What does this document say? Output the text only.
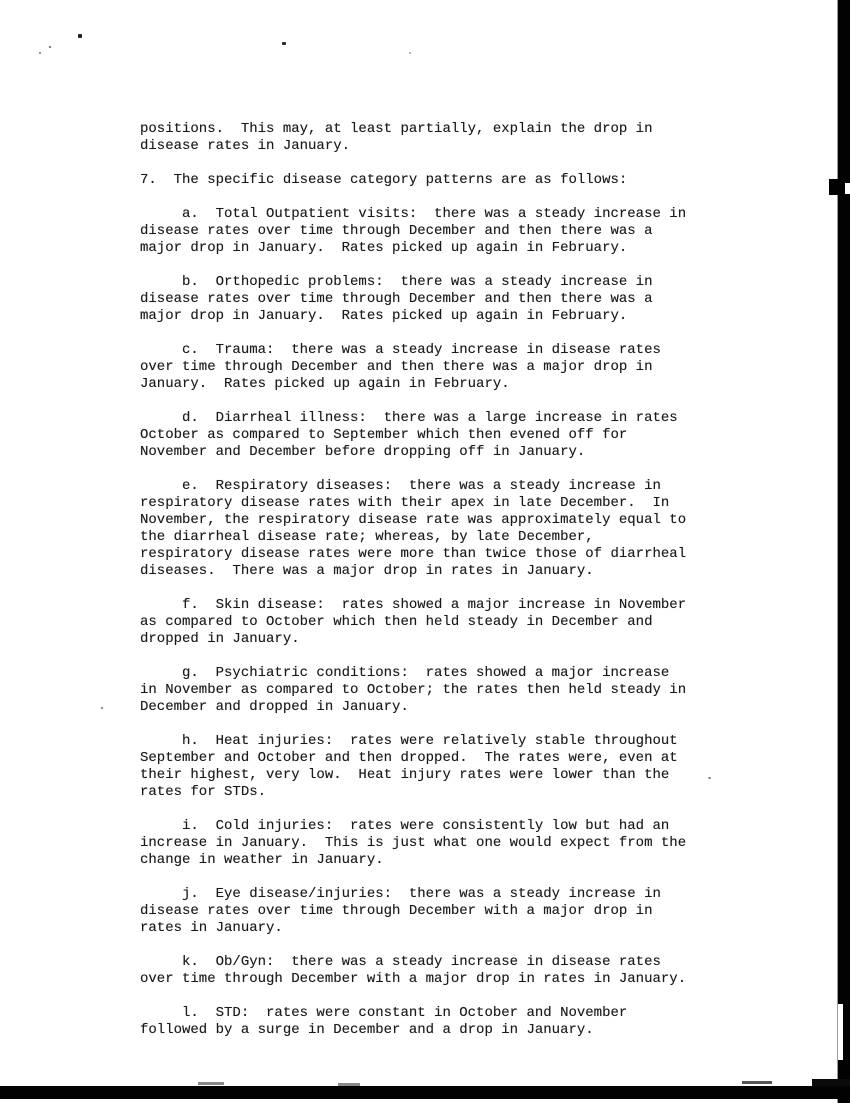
positions.  This may, at least partially, explain the drop in
disease rates in January.
7.  The specific disease category patterns are as follows:
a.  Total Outpatient visits:  there was a steady increase in
disease rates over time through December and then there was a
major drop in January.  Rates picked up again in February.
b.  Orthopedic problems:  there was a steady increase in
disease rates over time through December and then there was a
major drop in January.  Rates picked up again in February.
c.  Trauma:  there was a steady increase in disease rates
over time through December and then there was a major drop in
January.  Rates picked up again in February.
d.  Diarrheal illness:  there was a large increase in rates
October as compared to September which then evened off for
November and December before dropping off in January.
e.  Respiratory diseases:  there was a steady increase in
respiratory disease rates with their apex in late December.  In
November, the respiratory disease rate was approximately equal to
the diarrheal disease rate; whereas, by late December,
respiratory disease rates were more than twice those of diarrheal
diseases.  There was a major drop in rates in January.
f.  Skin disease:  rates showed a major increase in November
as compared to October which then held steady in December and
dropped in January.
g.  Psychiatric conditions:  rates showed a major increase
in November as compared to October; the rates then held steady in
December and dropped in January.
h.  Heat injuries:  rates were relatively stable throughout
September and October and then dropped.  The rates were, even at
their highest, very low.  Heat injury rates were lower than the
rates for STDs.
i.  Cold injuries:  rates were consistently low but had an
increase in January.  This is just what one would expect from the
change in weather in January.
j.  Eye disease/injuries:  there was a steady increase in
disease rates over time through December with a major drop in
rates in January.
k.  Ob/Gyn:  there was a steady increase in disease rates
over time through December with a major drop in rates in January.
l.  STD:  rates were constant in October and November
followed by a surge in December and a drop in January.
